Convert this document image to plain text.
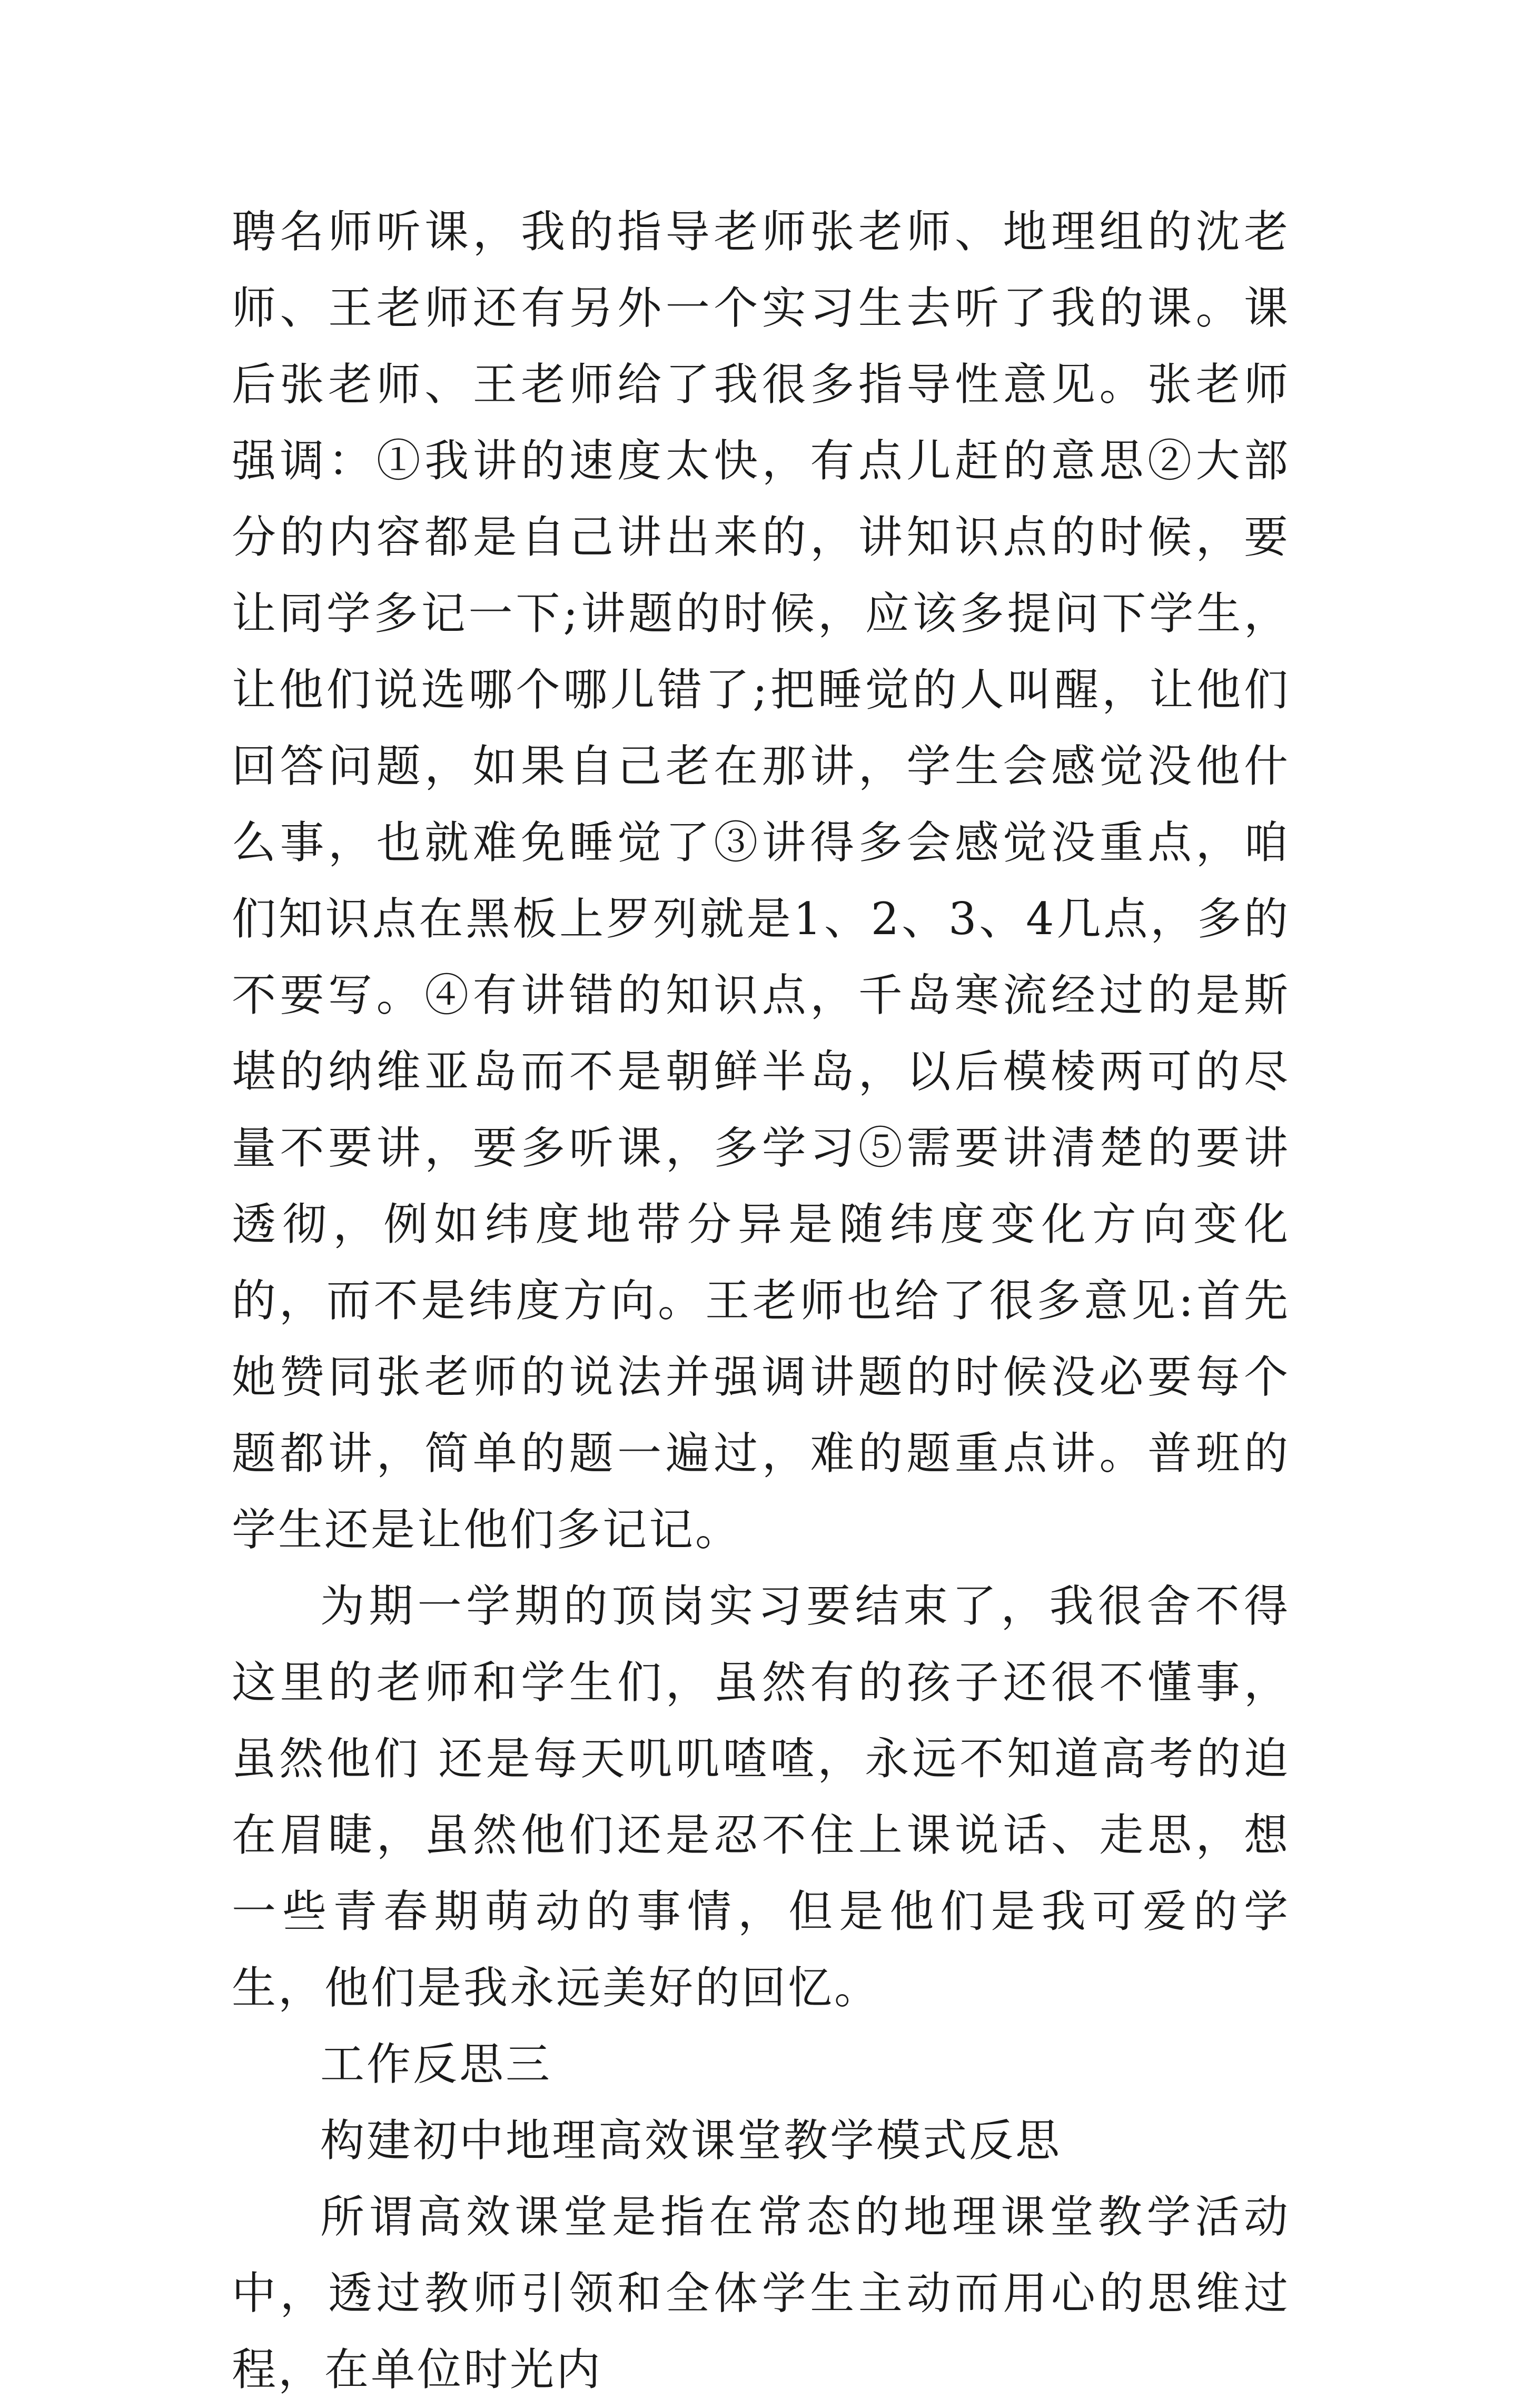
聘名师听课，我的指导老师张老师、地理组的沈老师、王老师还有另外一个实习生去听了我的课。课后张老师、王老师给了我很多指导性意见。张老师强调：①我讲的速度太快，有点儿赶的意思②大部分的内容都是自己讲出来的，讲知识点的时候，要让同学多记一下;讲题的时候，应该多提问下学生，让他们说选哪个哪儿错了;把睡觉的人叫醒，让他们回答问题，如果自己老在那讲，学生会感觉没他什么事，也就难免睡觉了③讲得多会感觉没重点，咱们知识点在黑板上罗列就是1、2、3、4几点，多的不要写。④有讲错的知识点，千岛寒流经过的是斯堪的纳维亚岛而不是朝鲜半岛，以后模棱两可的尽量不要讲，要多听课，多学习⑤需要讲清楚的要讲透彻，例如纬度地带分异是随纬度变化方向变化的，而不是纬度方向。王老师也给了很多意见:首先她赞同张老师的说法并强调讲题的时候没必要每个题都讲，简单的题一遍过，难的题重点讲。普班的学生还是让他们多记记。

为期一学期的顶岗实习要结束了，我很舍不得这里的老师和学生们，虽然有的孩子还很不懂事，虽然他们 还是每天叽叽喳喳，永远不知道高考的迫在眉睫，虽然他们还是忍不住上课说话、走思，想一些青春期萌动的事情，但是他们是我可爱的学生，他们是我永远美好的回忆。

工作反思三

构建初中地理高效课堂教学模式反思

所谓高效课堂是指在常态的地理课堂教学活动中，透过教师引领和全体学生主动而用心的思维过程，在单位时光内
